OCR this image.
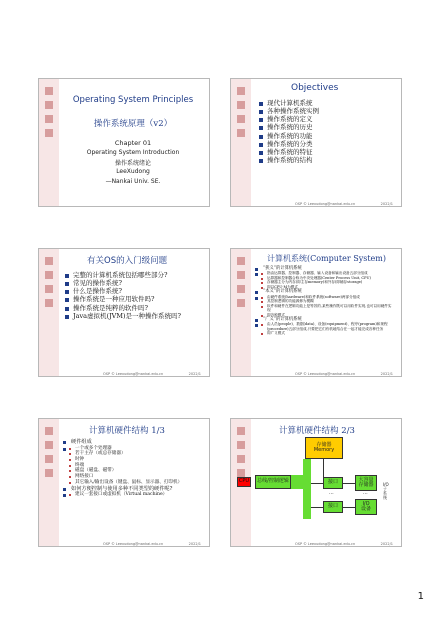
Operating System Principles
操作系统原理（v2）
Chapter 01
Operating System Introduction
操作系统绪论
LeeXudong
—Nankai Univ. SE.
Objectives
现代计算机系统
各种操作系统实例
操作系统的定义
操作系统的历史
操作系统的功能
操作系统的分类
操作系统的特征
操作系统的结构
OSP © Leexudong@nankai.edu.cn	2022/1
有关OS的入门级问题
完整的计算机系统包括哪些部分?
常见的操作系统?
什么是操作系统?
操作系统是一种应用软件吗?
操作系统是纯粹的软件吗?
Java虚拟机(JVM)是一种操作系统吗?
OSP © Leexudong@nankai.edu.cn	2022/1
计算机系统(Computer System)
“狭义”的计算机系统
指由运算器、控制器、存储器、输入设备和输出设备五部分组成
运算器和控制器合称为中央处理器(Center Process Unit, CPU)
存储器主分为内存(即主存memory)和外存(即辅存storage)
即以CPU-M为模式
“本义”的计算机系统
由硬件系统(hardware)和软件系统(software)两部分组成
其控制逻辑的功能源修为模糊
软件和硬件在逻辑功能上是等效的,某些操作既可以用软件实现,也可以用硬件实现
即各种模式
“广义”的计算机系统
由人员(people)、数据(data)、设备(equipment)、程序(program)和规程(procedure)五部分组成,只要把它们有机地结合在一起才能完成各种任务
即广义模式
OSP © Leexudong@nankai.edu.cn	2022/1
计算机硬件结构 1/3
硬件组成
一个或多个处理器
若干主存（或总存储器）
时钟
终端
磁盘（磁盘、磁带）
网络接口
其它输入/输出设备（键盘、鼠标、显示器、打印机）
如何方便控制与使用多种不同类型的硬件呢?
建议一套接口或虚拟机（Virtual machine）
OSP © Leexudong@nankai.edu.cn	2022/1
计算机硬件结构 2/3
存储器
Memory
CPU	总线/控制逻辑	接口
···
接口
大容量
存储器
···
I/O
设备
I/O
子
系
统
OSP © Leexudong@nankai.edu.cn	2022/1
1
